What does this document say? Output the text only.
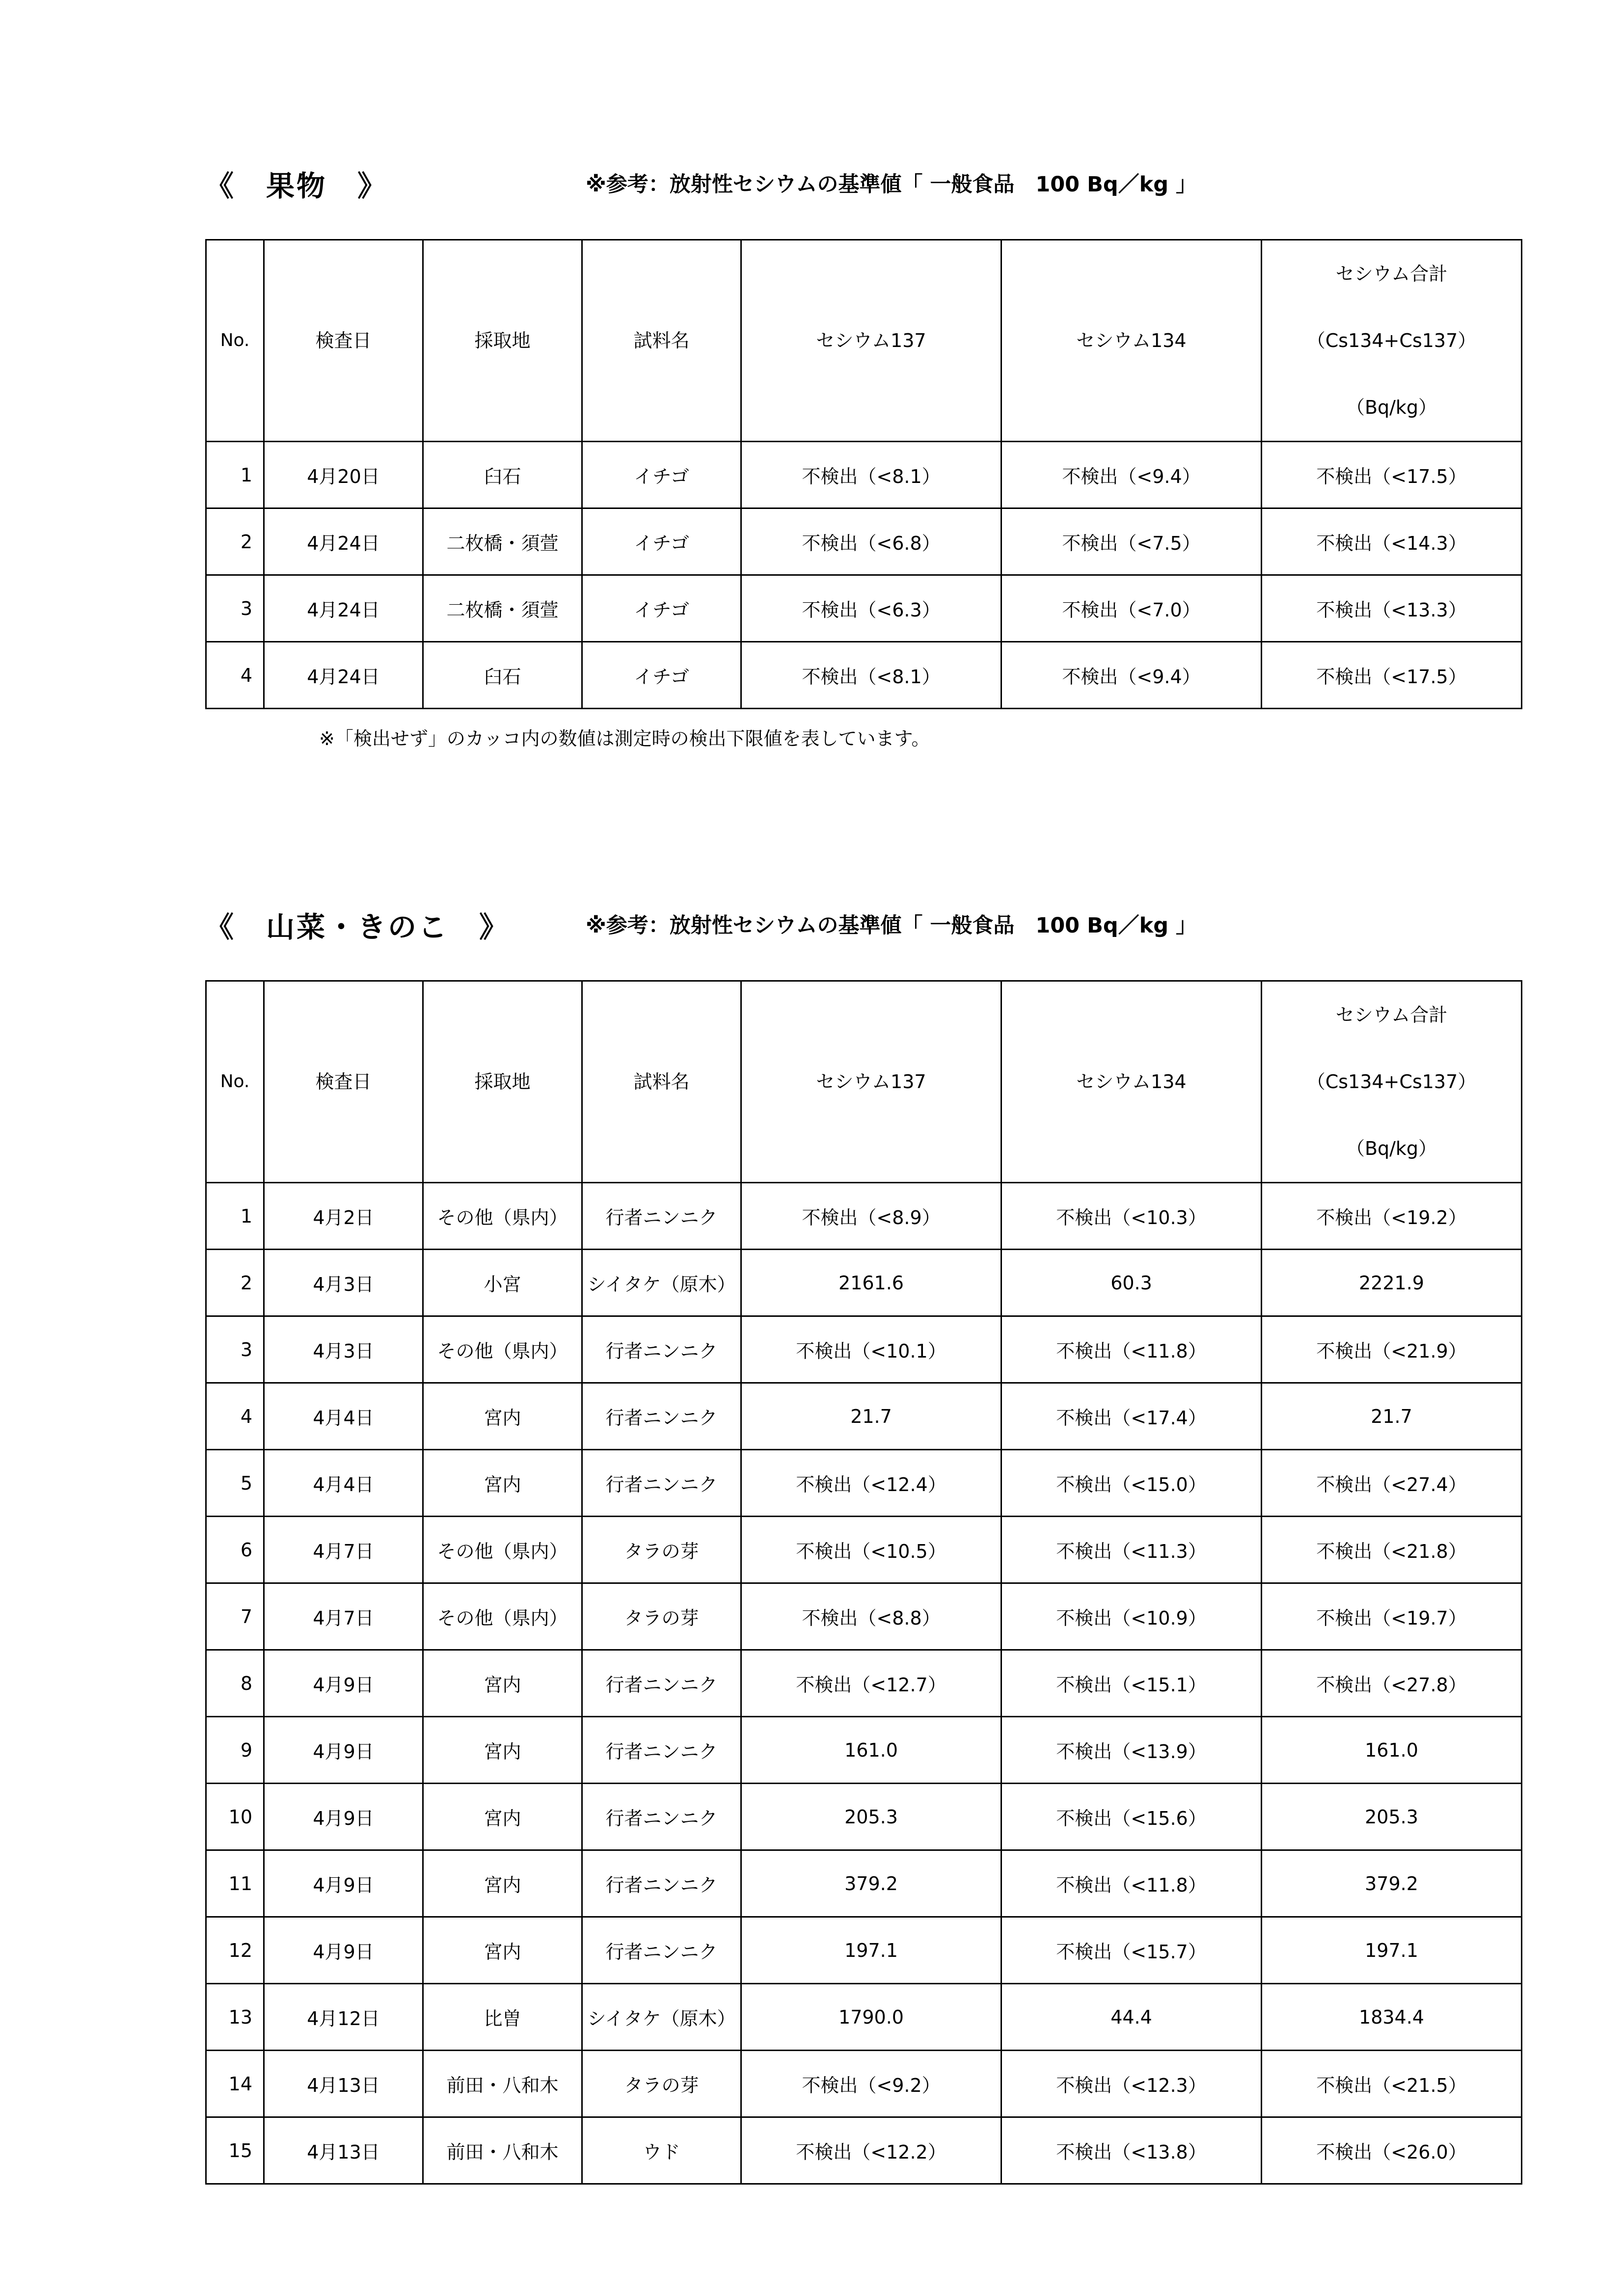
《　果物　》	※参考：放射性セシウムの基準値「 一般食品　100 Bq／kg 」
No.	検査日	採取地	試料名	セシウム137	セシウム134	セシウム合計
（Cs134+Cs137）
（Bq/kg）

1	4月20日	臼石	イチゴ	不検出（<8.1）	不検出（<9.4）	不検出（<17.5）
2	4月24日	二枚橋・須萱	イチゴ	不検出（<6.8）	不検出（<7.5）	不検出（<14.3）
3	4月24日	二枚橋・須萱	イチゴ	不検出（<6.3）	不検出（<7.0）	不検出（<13.3）
4	4月24日	臼石	イチゴ	不検出（<8.1）	不検出（<9.4）	不検出（<17.5）
※「検出せず」のカッコ内の数値は測定時の検出下限値を表しています。
《　山菜・きのこ　》	※参考：放射性セシウムの基準値「 一般食品　100 Bq／kg 」
No.	検査日	採取地	試料名	セシウム137	セシウム134	セシウム合計
（Cs134+Cs137）
（Bq/kg）

1	4月2日	その他（県内）	行者ニンニク	不検出（<8.9）	不検出（<10.3）	不検出（<19.2）
2	4月3日	小宮	シイタケ（原木）	2161.6	60.3	2221.9
3	4月3日	その他（県内）	行者ニンニク	不検出（<10.1）	不検出（<11.8）	不検出（<21.9）
4	4月4日	宮内	行者ニンニク	21.7	不検出（<17.4）	21.7
5	4月4日	宮内	行者ニンニク	不検出（<12.4）	不検出（<15.0）	不検出（<27.4）
6	4月7日	その他（県内）	タラの芽	不検出（<10.5）	不検出（<11.3）	不検出（<21.8）
7	4月7日	その他（県内）	タラの芽	不検出（<8.8）	不検出（<10.9）	不検出（<19.7）
8	4月9日	宮内	行者ニンニク	不検出（<12.7）	不検出（<15.1）	不検出（<27.8）
9	4月9日	宮内	行者ニンニク	161.0	不検出（<13.9）	161.0
10	4月9日	宮内	行者ニンニク	205.3	不検出（<15.6）	205.3
11	4月9日	宮内	行者ニンニク	379.2	不検出（<11.8）	379.2
12	4月9日	宮内	行者ニンニク	197.1	不検出（<15.7）	197.1
13	4月12日	比曽	シイタケ（原木）	1790.0	44.4	1834.4
14	4月13日	前田・八和木	タラの芽	不検出（<9.2）	不検出（<12.3）	不検出（<21.5）
15	4月13日	前田・八和木	ウド	不検出（<12.2）	不検出（<13.8）	不検出（<26.0）
